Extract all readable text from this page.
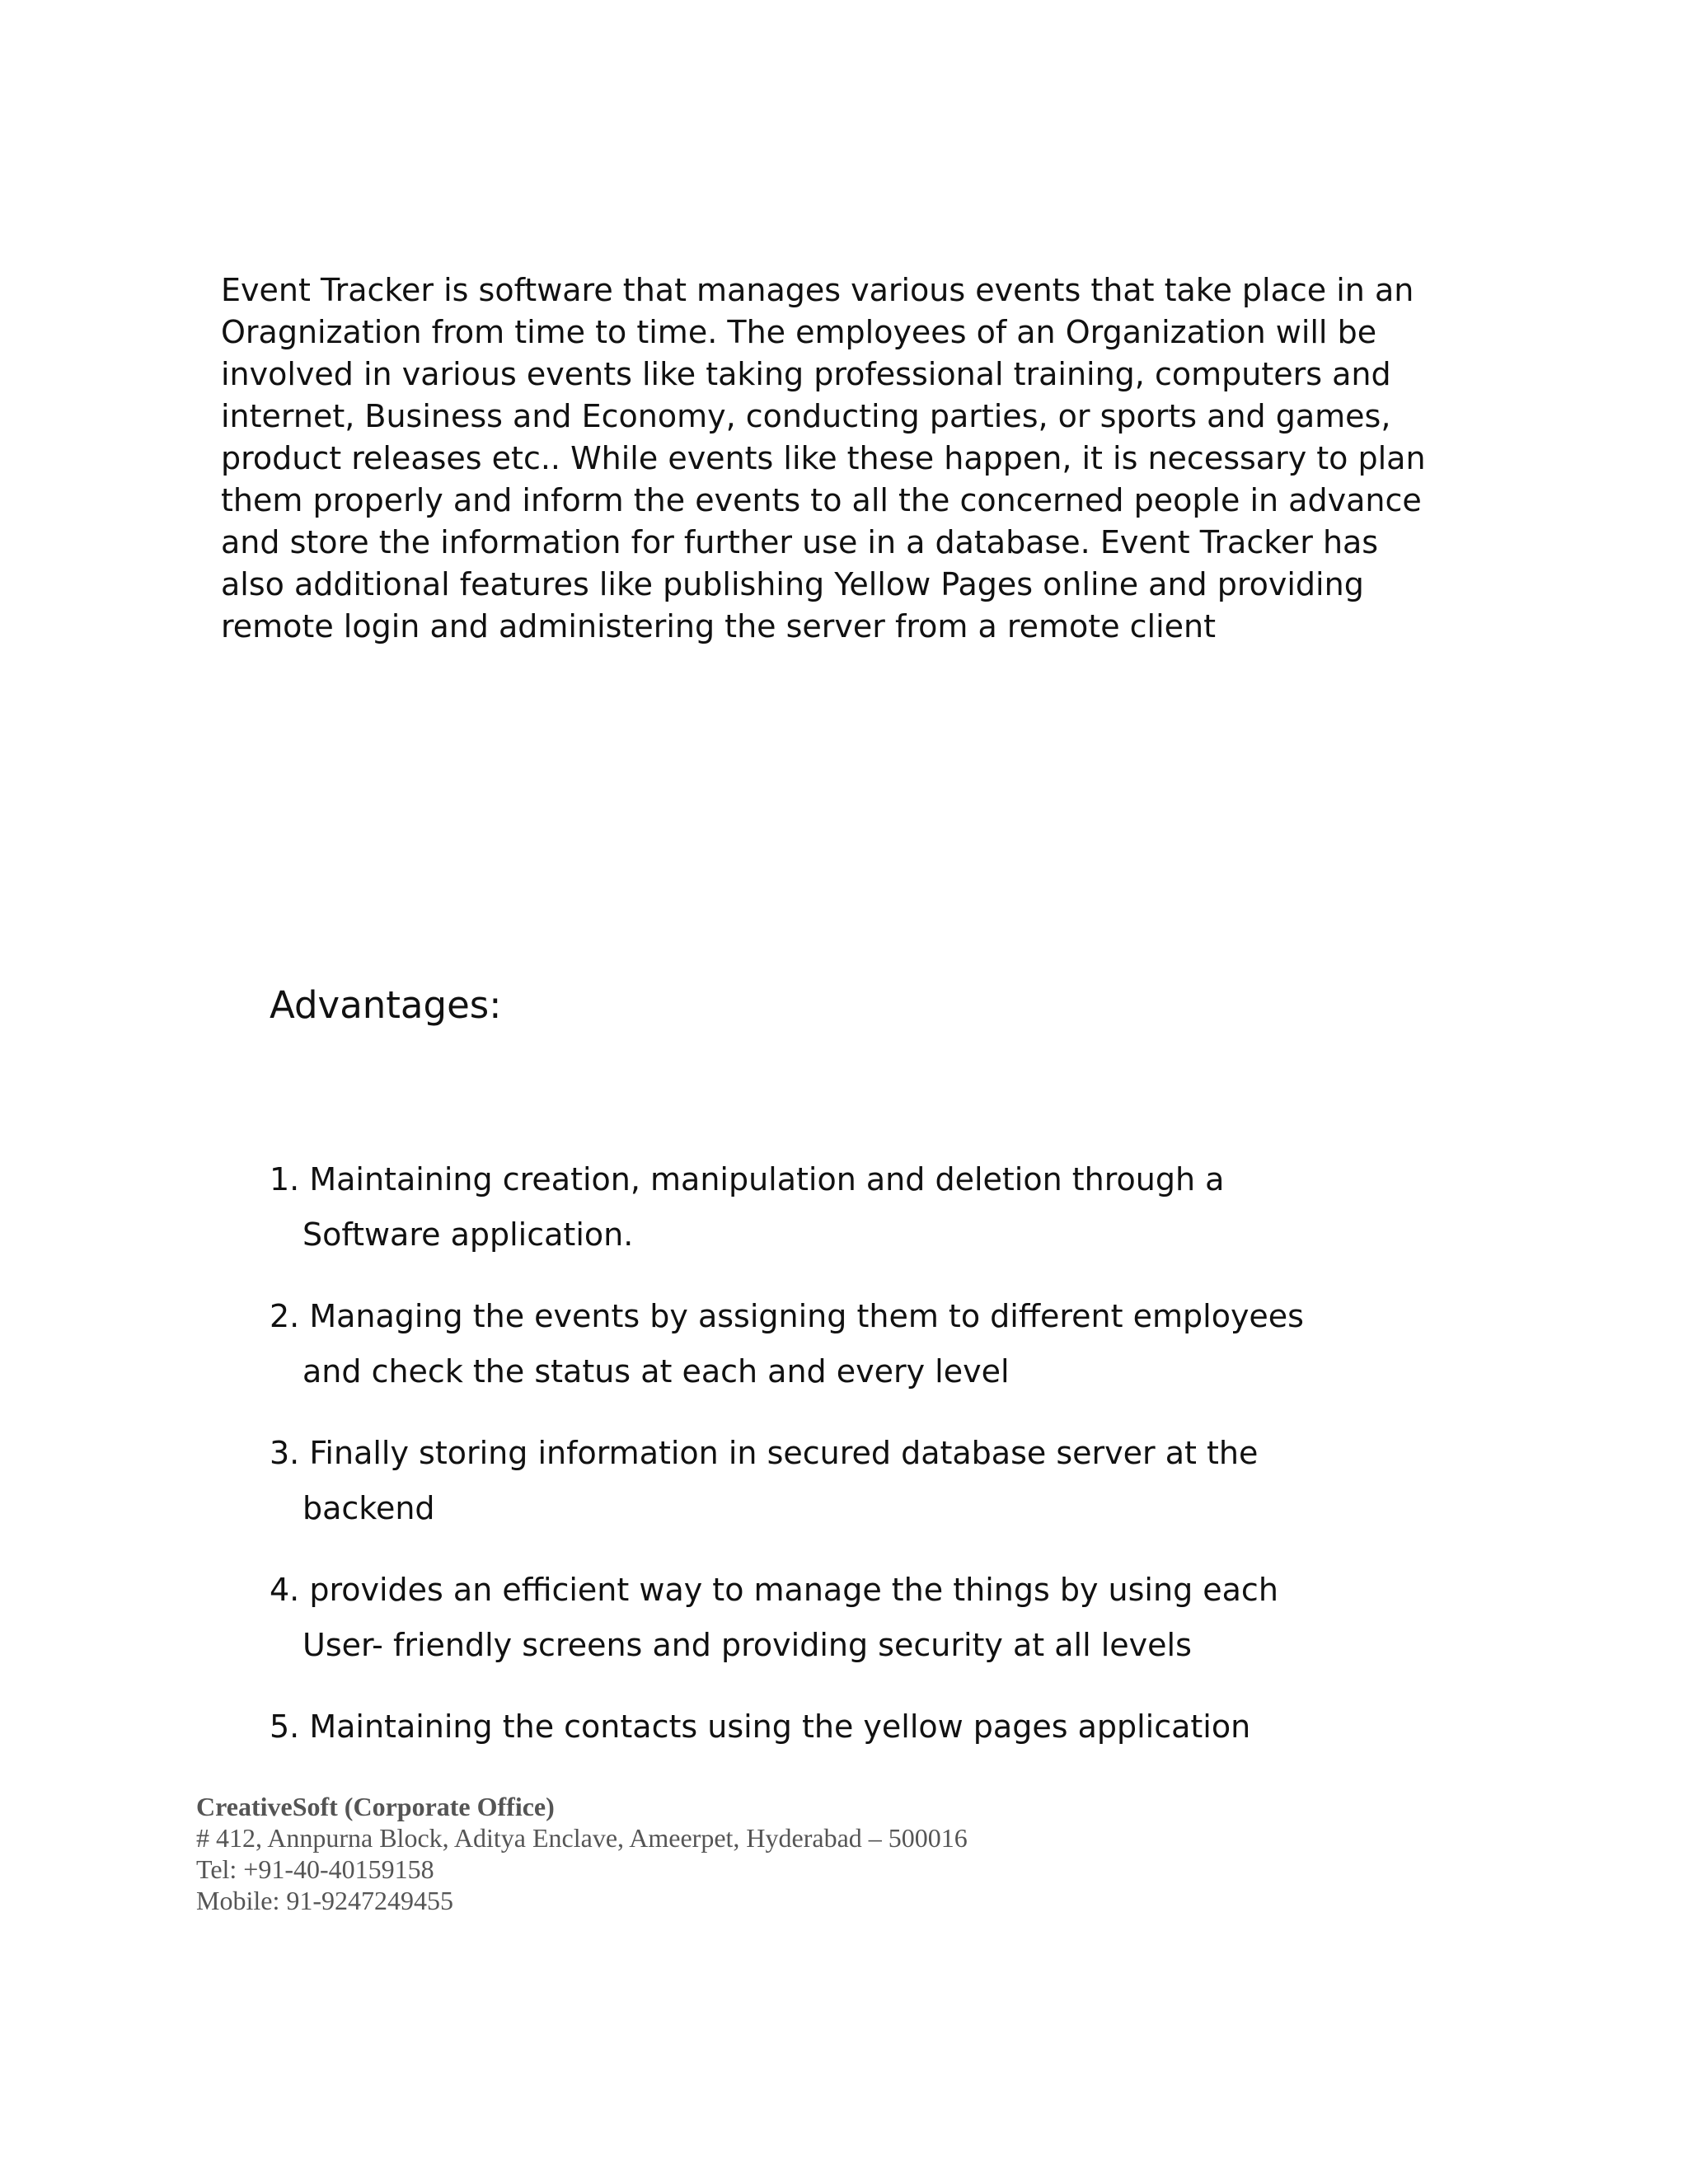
Event Tracker is software that manages various events that take place in an
Oragnization from time to time. The employees of an Organization will be
involved in various events like taking professional training, computers and
internet, Business and Economy, conducting parties, or sports and games,
product releases etc.. While events like these happen, it is necessary to plan
them properly and inform the events to all the concerned people in advance
and store the information for further use in a database. Event Tracker has
also additional features like publishing Yellow Pages online and providing
remote login and administering the server from a remote client

Advantages:
1. Maintaining creation, manipulation and deletion through a
Software application.
2. Managing the events by assigning them to different employees
and check the status at each and every level
3. Finally storing information in secured database server at the
backend
4. provides an efficient way to manage the things by using each
User- friendly screens and providing security at all levels
5. Maintaining the contacts using the yellow pages application
CreativeSoft (Corporate Office)
# 412, Annpurna Block, Aditya Enclave, Ameerpet, Hyderabad – 500016
Tel: +91-40-40159158
Mobile: 91-9247249455
